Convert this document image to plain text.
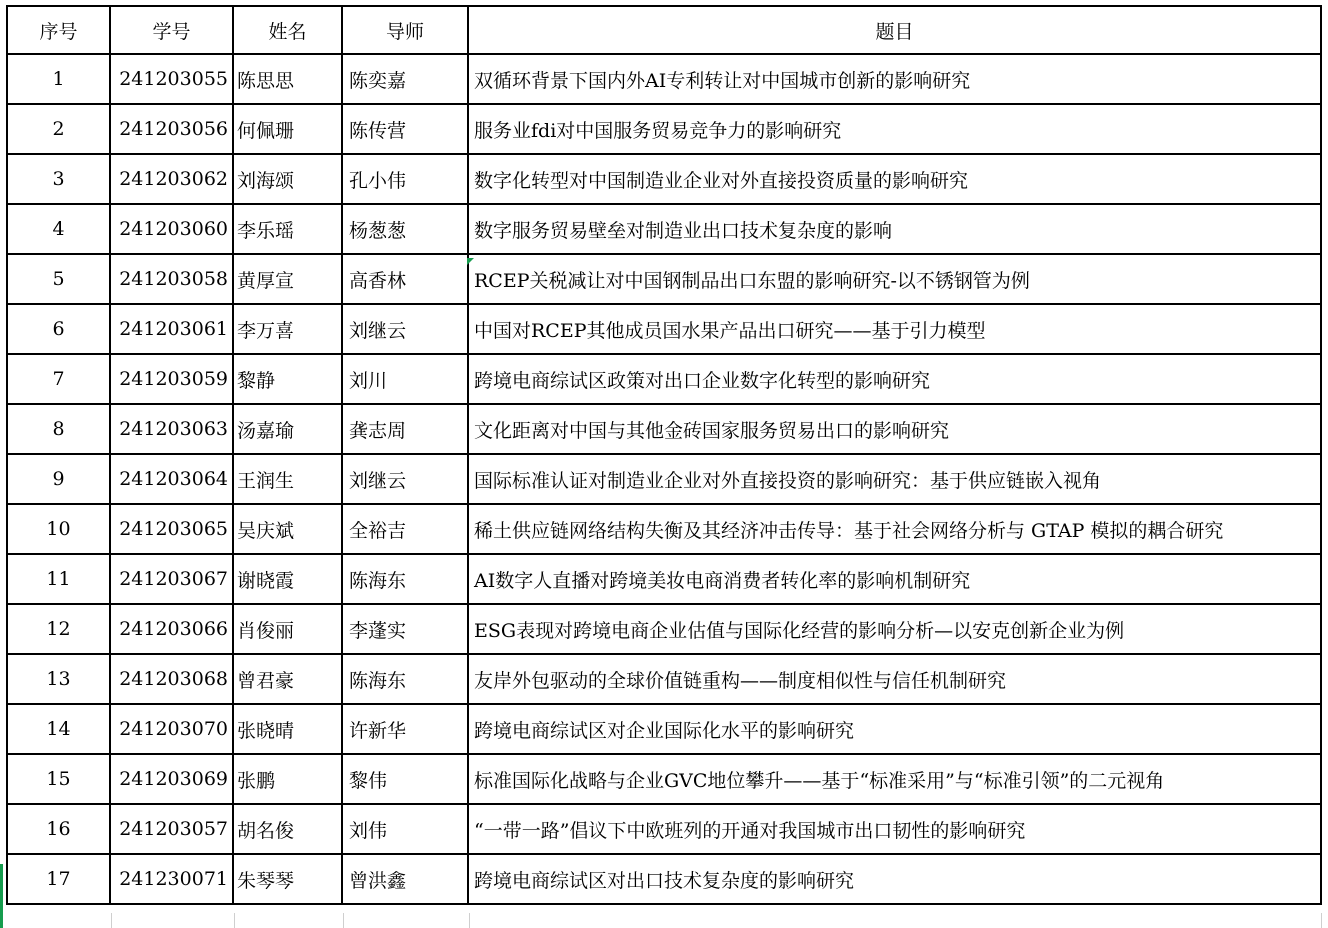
序号	学号	姓名	导师	题目
1	241203055	陈思思	陈奕嘉	双循环背景下国内外AI专利转让对中国城市创新的影响研究
2	241203056	何佩珊	陈传营	服务业fdi对中国服务贸易竞争力的影响研究
3	241203062	刘海颂	孔小伟	数字化转型对中国制造业企业对外直接投资质量的影响研究
4	241203060	李乐瑶	杨葱葱	数字服务贸易壁垒对制造业出口技术复杂度的影响
5	241203058	黄厚宣	高香林	RCEP关税减让对中国钢制品出口东盟的影响研究-以不锈钢管为例
6	241203061	李万喜	刘继云	中国对RCEP其他成员国水果产品出口研究——基于引力模型
7	241203059	黎静	刘川	跨境电商综试区政策对出口企业数字化转型的影响研究
8	241203063	汤嘉瑜	龚志周	文化距离对中国与其他金砖国家服务贸易出口的影响研究
9	241203064	王润生	刘继云	国际标准认证对制造业企业对外直接投资的影响研究：基于供应链嵌入视角
10	241203065	吴庆斌	全裕吉	稀土供应链网络结构失衡及其经济冲击传导：基于社会网络分析与 GTAP 模拟的耦合研究
11	241203067	谢晓霞	陈海东	AI数字人直播对跨境美妆电商消费者转化率的影响机制研究
12	241203066	肖俊丽	李蓬实	ESG表现对跨境电商企业估值与国际化经营的影响分析—以安克创新企业为例
13	241203068	曾君豪	陈海东	友岸外包驱动的全球价值链重构——制度相似性与信任机制研究
14	241203070	张晓晴	许新华	跨境电商综试区对企业国际化水平的影响研究
15	241203069	张鹏	黎伟	标准国际化战略与企业GVC地位攀升——基于“标准采用”与“标准引领”的二元视角
16	241203057	胡名俊	刘伟	“一带一路”倡议下中欧班列的开通对我国城市出口韧性的影响研究
17	241230071	朱琴琴	曾洪鑫	跨境电商综试区对出口技术复杂度的影响研究
